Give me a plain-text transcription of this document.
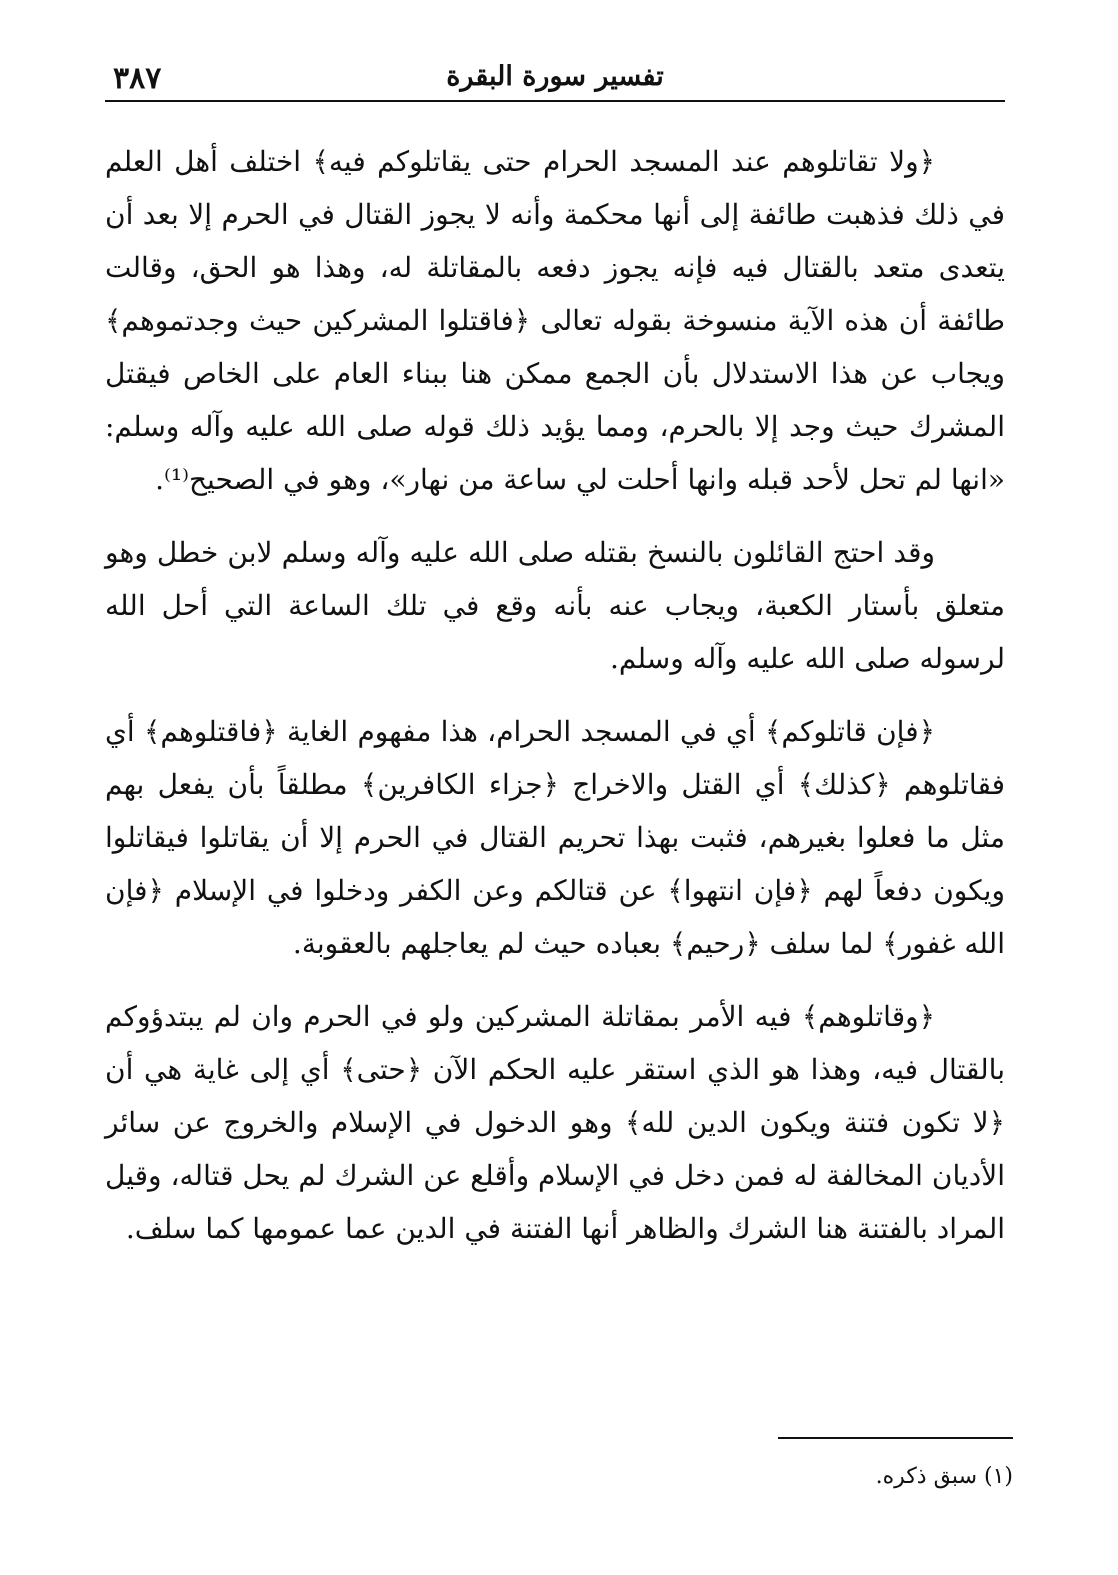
تفسير سورة البقرة
٣٨٧

﴿ولا تقاتلوهم عند المسجد الحرام حتى يقاتلوكم فيه﴾ اختلف أهل العلم في ذلك فذهبت طائفة إلى أنها محكمة وأنه لا يجوز القتال في الحرم إلا بعد أن يتعدى متعد بالقتال فيه فإنه يجوز دفعه بالمقاتلة له، وهذا هو الحق، وقالت طائفة أن هذه الآية منسوخة بقوله تعالى ﴿فاقتلوا المشركين حيث وجدتموهم﴾ ويجاب عن هذا الاستدلال بأن الجمع ممكن هنا ببناء العام على الخاص فيقتل المشرك حيث وجد إلا بالحرم، ومما يؤيد ذلك قوله صلى الله عليه وآله وسلم: «انها لم تحل لأحد قبله وانها أحلت لي ساعة من نهار»، وهو في الصحيح⁽¹⁾.

وقد احتج القائلون بالنسخ بقتله صلى الله عليه وآله وسلم لابن خطل وهو متعلق بأستار الكعبة، ويجاب عنه بأنه وقع في تلك الساعة التي أحل الله لرسوله صلى الله عليه وآله وسلم.

﴿فإن قاتلوكم﴾ أي في المسجد الحرام، هذا مفهوم الغاية ﴿فاقتلوهم﴾ أي فقاتلوهم ﴿كذلك﴾ أي القتل والاخراج ﴿جزاء الكافرين﴾ مطلقاً بأن يفعل بهم مثل ما فعلوا بغيرهم، فثبت بهذا تحريم القتال في الحرم إلا أن يقاتلوا فيقاتلوا ويكون دفعاً لهم ﴿فإن انتهوا﴾ عن قتالكم وعن الكفر ودخلوا في الإسلام ﴿فإن الله غفور﴾ لما سلف ﴿رحيم﴾ بعباده حيث لم يعاجلهم بالعقوبة.

﴿وقاتلوهم﴾ فيه الأمر بمقاتلة المشركين ولو في الحرم وان لم يبتدؤوكم بالقتال فيه، وهذا هو الذي استقر عليه الحكم الآن ﴿حتى﴾ أي إلى غاية هي أن ﴿لا تكون فتنة ويكون الدين لله﴾ وهو الدخول في الإسلام والخروج عن سائر الأديان المخالفة له فمن دخل في الإسلام وأقلع عن الشرك لم يحل قتاله، وقيل المراد بالفتنة هنا الشرك والظاهر أنها الفتنة في الدين عما عمومها كما سلف.

(١) سبق ذكره.
